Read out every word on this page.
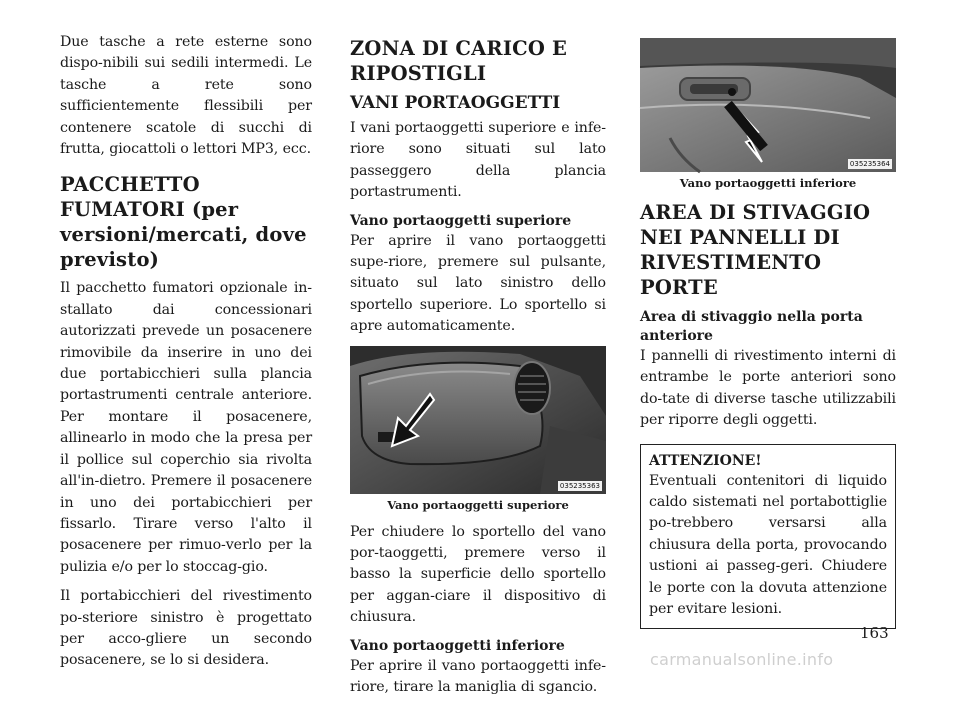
Due tasche a rete esterne sono dispo-nibili sui sedili intermedi. Le tasche a rete sono sufficientemente flessibili per contenere scatole di succhi di frutta, giocattoli o lettori MP3, ecc.

PACCHETTO FUMATORI (per versioni/mercati, dove previsto)

Il pacchetto fumatori opzionale in-stallato dai concessionari autorizzati prevede un posacenere rimovibile da inserire in uno dei due portabicchieri sulla plancia portastrumenti centrale anteriore. Per montare il posacenere, allinearlo in modo che la presa per il pollice sul coperchio sia rivolta all'in-dietro. Premere il posacenere in uno dei portabicchieri per fissarlo. Tirare verso l'alto il posacenere per rimuo-verlo per la pulizia e/o per lo stoccag-gio.

Il portabicchieri del rivestimento po-steriore sinistro è progettato per acco-gliere un secondo posacenere, se lo si desidera.

ZONA DI CARICO E RIPOSTIGLI
VANI PORTAOGGETTI

I vani portaoggetti superiore e infe-riore sono situati sul lato passeggero della plancia portastrumenti.

Vano portaoggetti superiore

Per aprire il vano portaoggetti supe-riore, premere sul pulsante, situato sul lato sinistro dello sportello superiore. Lo sportello si apre automaticamente.

035235363
Vano portaoggetti superiore

Per chiudere lo sportello del vano por-taoggetti, premere verso il basso la superficie dello sportello per aggan-ciare il dispositivo di chiusura.

Vano portaoggetti inferiore

Per aprire il vano portaoggetti infe-riore, tirare la maniglia di sgancio.

035235364
Vano portaoggetti inferiore
AREA DI STIVAGGIO NEI PANNELLI DI RIVESTIMENTO PORTE
Area di stivaggio nella porta anteriore

I pannelli di rivestimento interni di entrambe le porte anteriori sono do-tate di diverse tasche utilizzabili per riporre degli oggetti.

ATTENZIONE!
Eventuali contenitori di liquido caldo sistemati nel portabottiglie po-trebbero versarsi alla chiusura della porta, provocando ustioni ai passeg-geri. Chiudere le porte con la dovuta attenzione per evitare lesioni.
163
carmanualsonline.info
